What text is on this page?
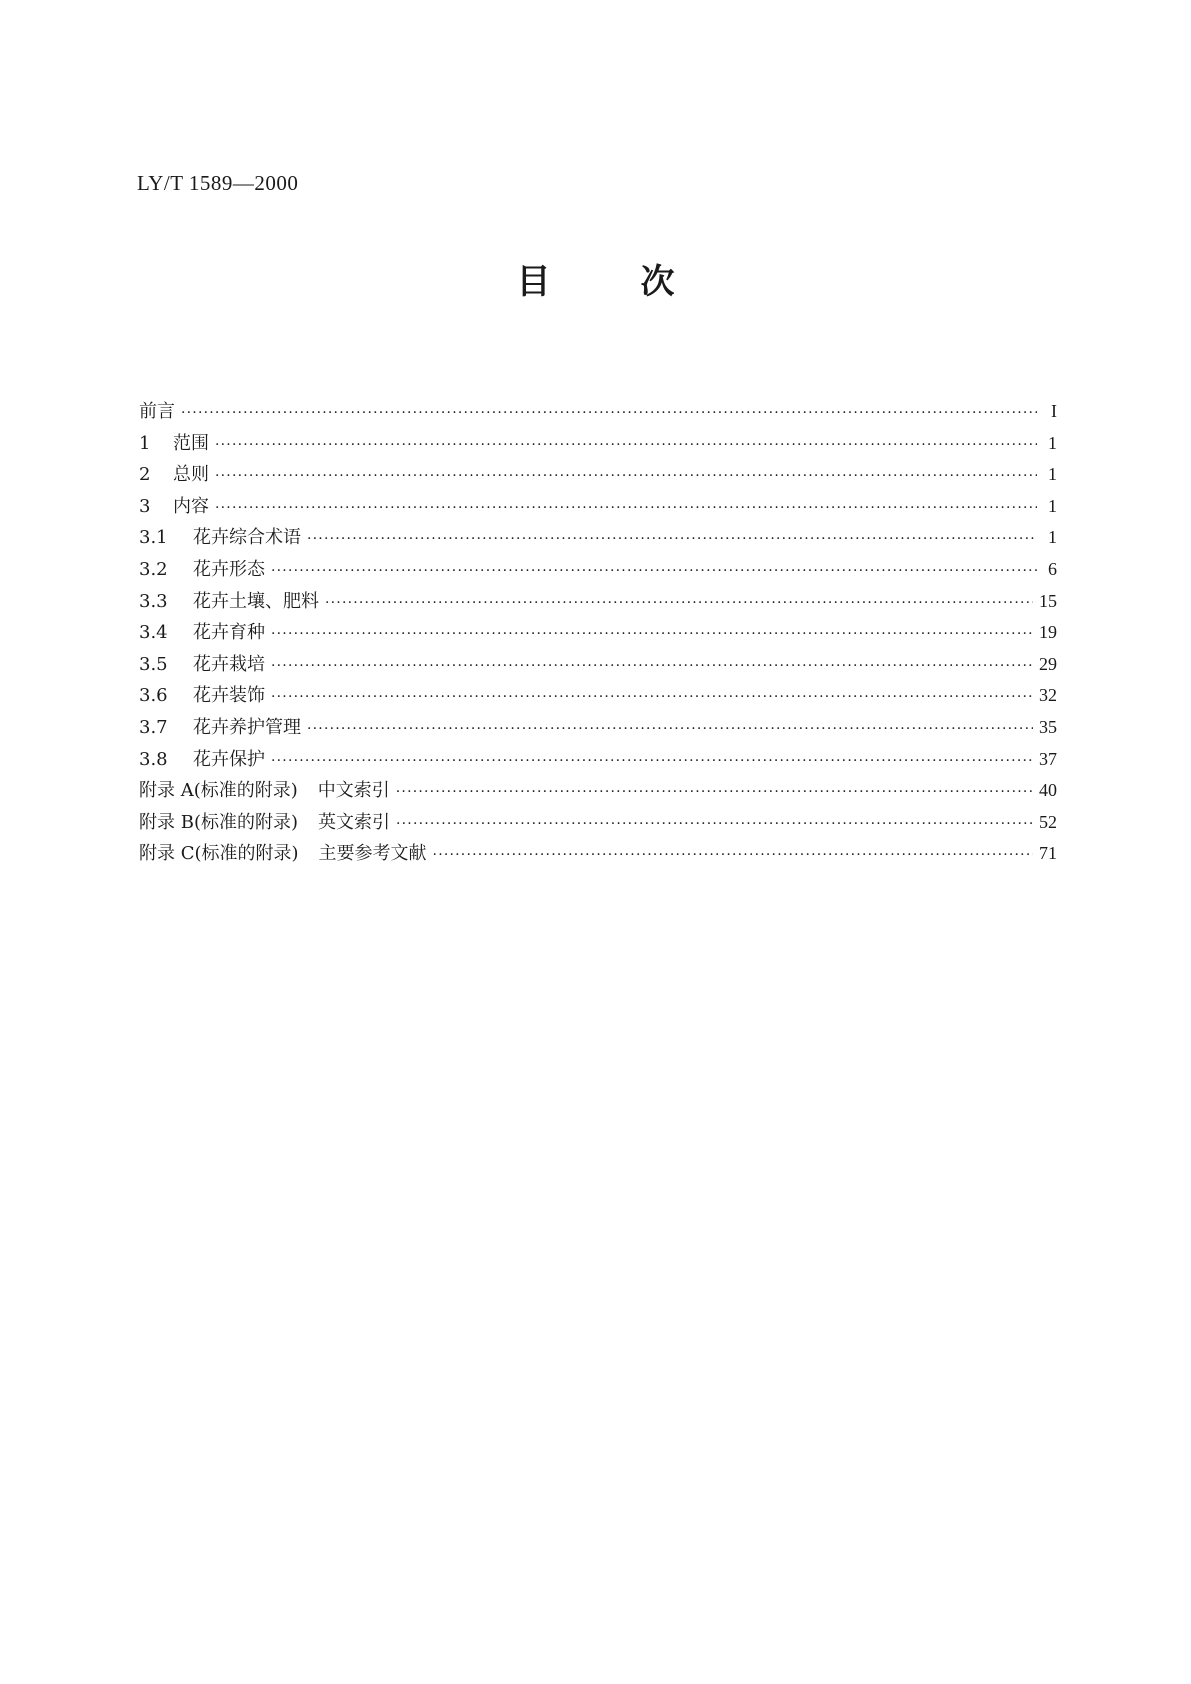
LY/T 1589—2000
目	次
前言 ·····	I
1	范围 ·····	1
2	总则 ·····	1
3	内容 ·····	1
3.1	花卉综合术语 ·····	1
3.2	花卉形态 ·····	6
3.3	花卉土壤、肥料 ·····	15
3.4	花卉育种 ·····	19
3.5	花卉栽培 ·····	29
3.6	花卉装饰 ·····	32
3.7	花卉养护管理 ·····	35
3.8	花卉保护 ·····	37
附录 A(标准的附录) 中文索引 ·····	40
附录 B(标准的附录) 英文索引 ·····	52
附录 C(标准的附录) 主要参考文献 ·····	71
